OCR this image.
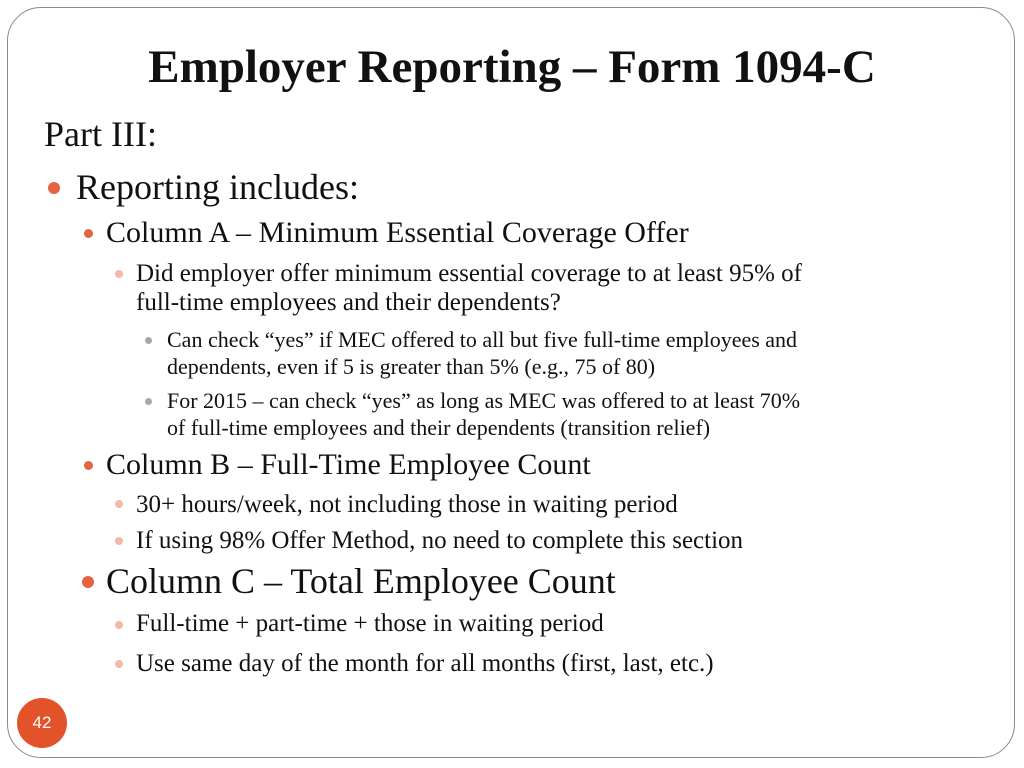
Employer Reporting – Form 1094-C
Part III:
Reporting includes:
Column A – Minimum Essential Coverage Offer
Did employer offer minimum essential coverage to at least 95% of
full-time employees and their dependents?
Can check “yes” if MEC offered to all but five full-time employees and
dependents, even if 5 is greater than 5% (e.g., 75 of 80)
For 2015 – can check “yes” as long as MEC was offered to at least 70%
of full-time employees and their dependents (transition relief)
Column B – Full-Time Employee Count
30+ hours/week, not including those in waiting period
If using 98% Offer Method, no need to complete this section
Column C – Total Employee Count
Full-time + part-time + those in waiting period
Use same day of the month for all months (first, last, etc.)
42
